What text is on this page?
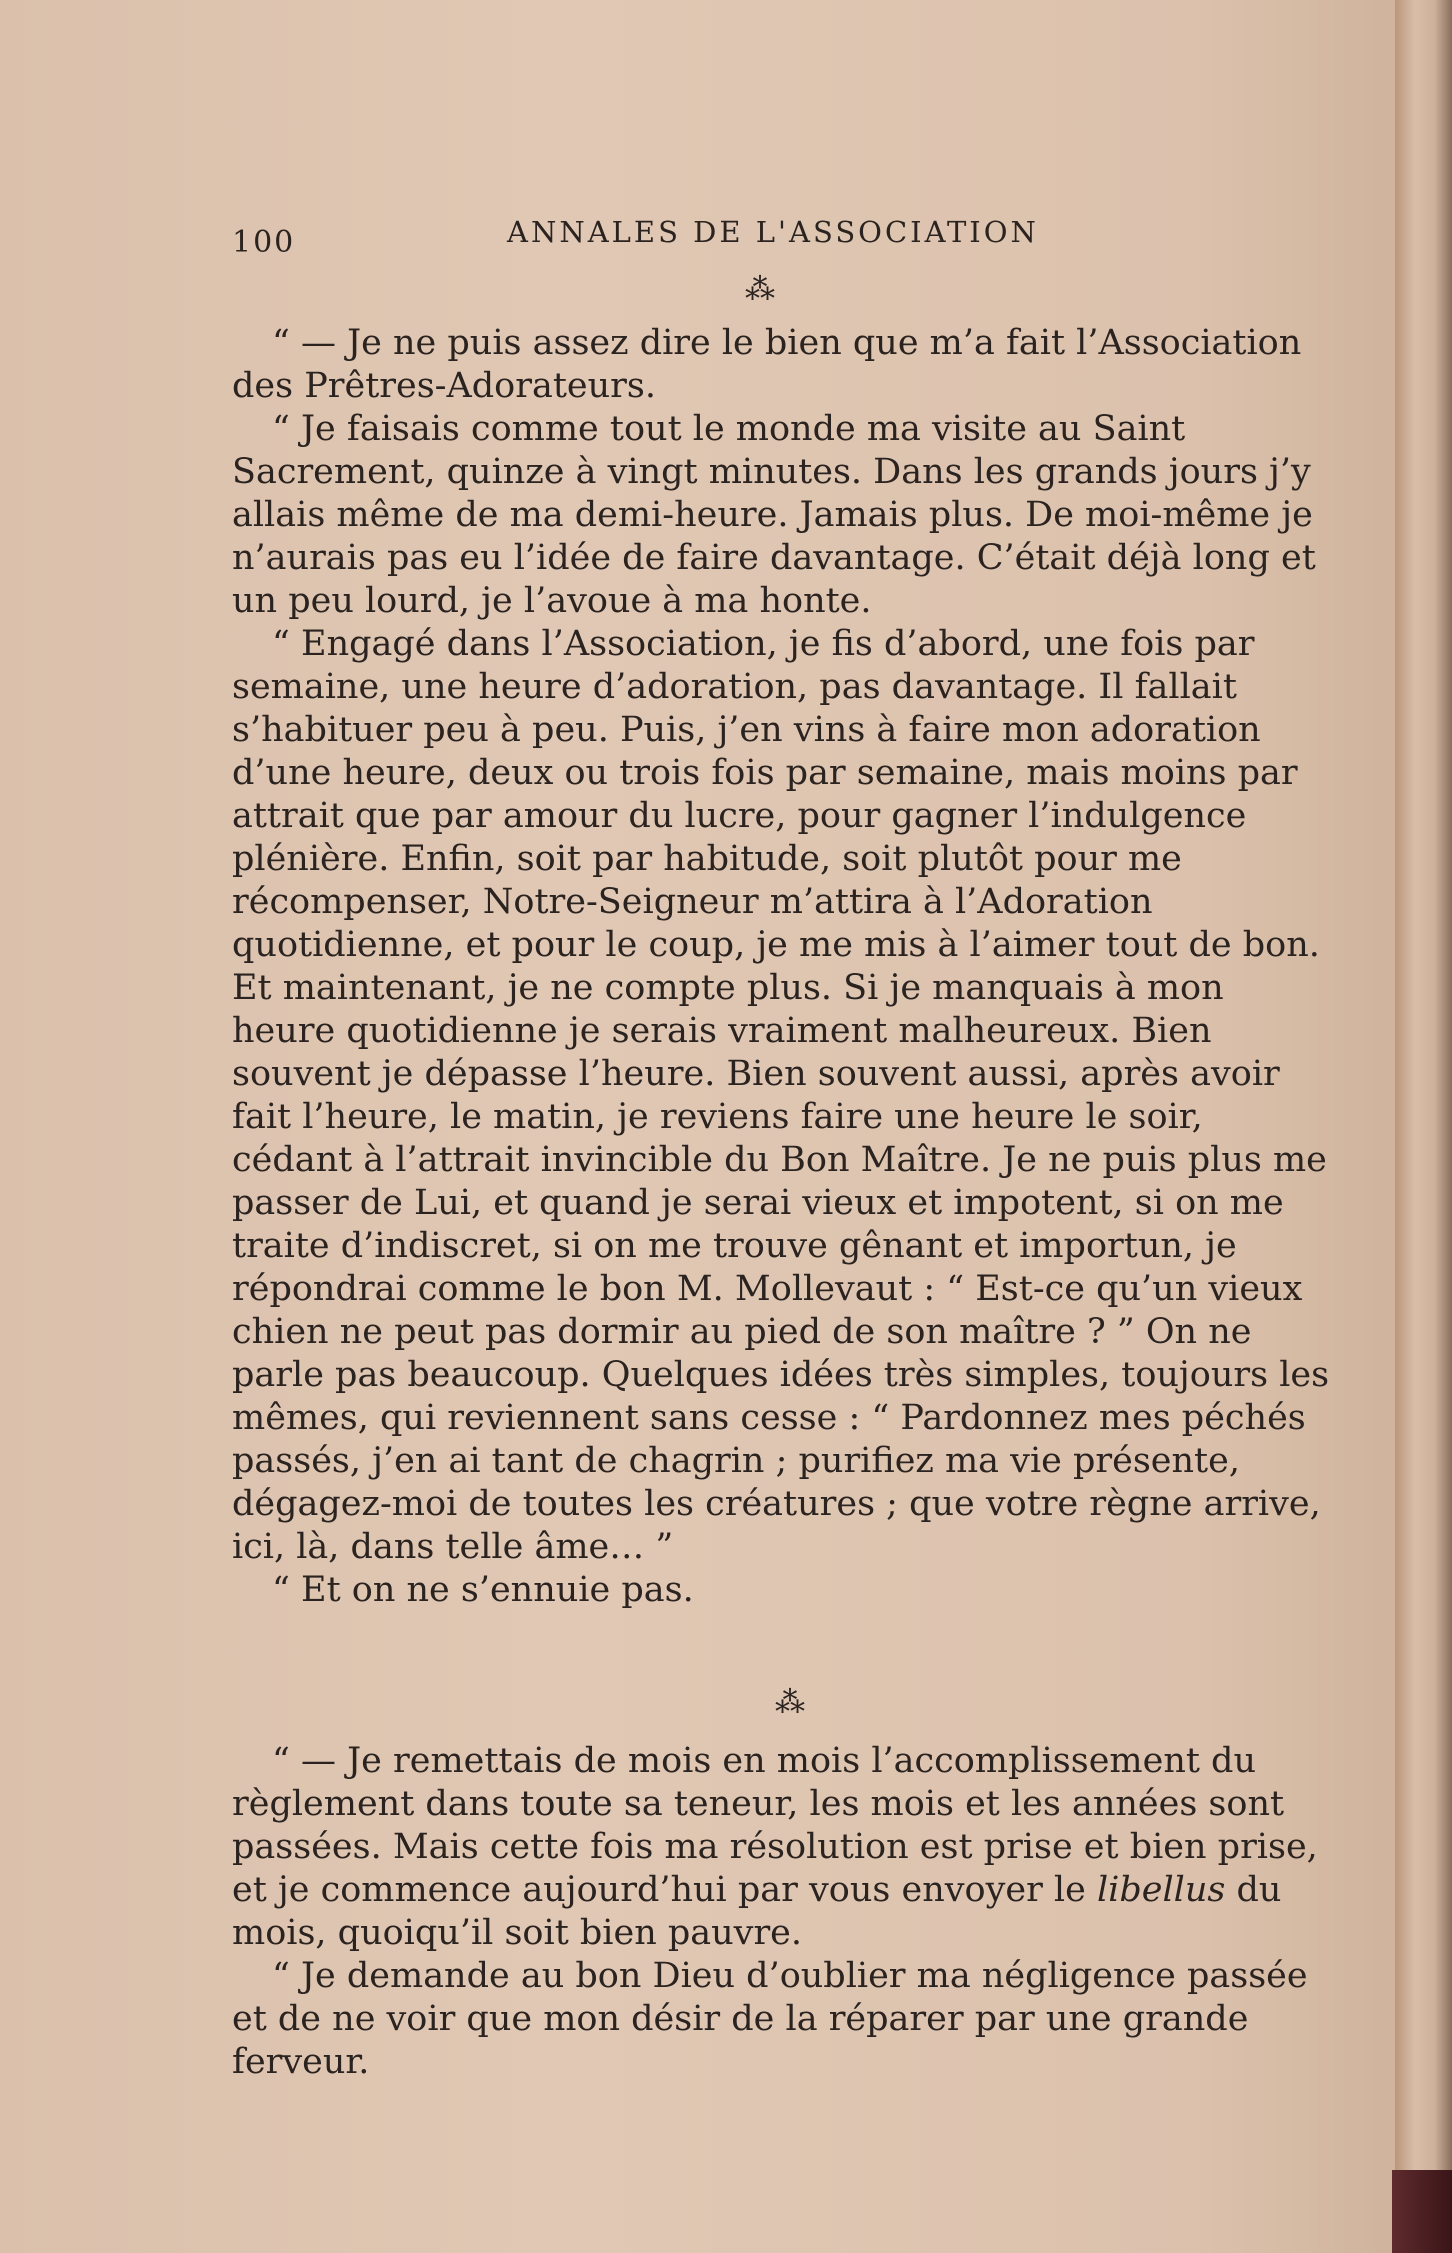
100	ANNALES DE L'ASSOCIATION
⁂

“ — Je ne puis assez dire le bien que m’a fait l’Association des Prêtres-Adorateurs.

“ Je faisais comme tout le monde ma visite au Saint Sacrement, quinze à vingt minutes. Dans les grands jours j’y allais même de ma demi-heure. Jamais plus. De moi-même je n’aurais pas eu l’idée de faire davantage. C’était déjà long et un peu lourd, je l’avoue à ma honte.

“ Engagé dans l’Association, je fis d’abord, une fois par semaine, une heure d’adoration, pas davantage. Il fallait s’habituer peu à peu. Puis, j’en vins à faire mon adoration d’une heure, deux ou trois fois par semaine, mais moins par attrait que par amour du lucre, pour gagner l’indulgence plénière. Enfin, soit par habitude, soit plutôt pour me récompenser, Notre-Seigneur m’attira à l’Adoration quotidienne, et pour le coup, je me mis à l’aimer tout de bon. Et maintenant, je ne compte plus. Si je manquais à mon heure quotidienne je serais vraiment malheureux. Bien souvent je dépasse l’heure. Bien souvent aussi, après avoir fait l’heure, le matin, je reviens faire une heure le soir, cédant à l’attrait invincible du Bon Maître. Je ne puis plus me passer de Lui, et quand je serai vieux et impotent, si on me traite d’indiscret, si on me trouve gênant et importun, je répondrai comme le bon M. Mollevaut : “ Est-ce qu’un vieux chien ne peut pas dormir au pied de son maître ? ” On ne parle pas beaucoup. Quelques idées très simples, toujours les mêmes, qui reviennent sans cesse : “ Pardonnez mes péchés passés, j’en ai tant de chagrin ; purifiez ma vie présente, dégagez-moi de toutes les créatures ; que votre règne arrive, ici, là, dans telle âme… ”

“ Et on ne s’ennuie pas.

⁂

“ — Je remettais de mois en mois l’accomplissement du règlement dans toute sa teneur, les mois et les années sont passées. Mais cette fois ma résolution est prise et bien prise, et je commence aujourd’hui par vous envoyer le libellus du mois, quoiqu’il soit bien pauvre.

“ Je demande au bon Dieu d’oublier ma négligence passée et de ne voir que mon désir de la réparer par une grande ferveur.
